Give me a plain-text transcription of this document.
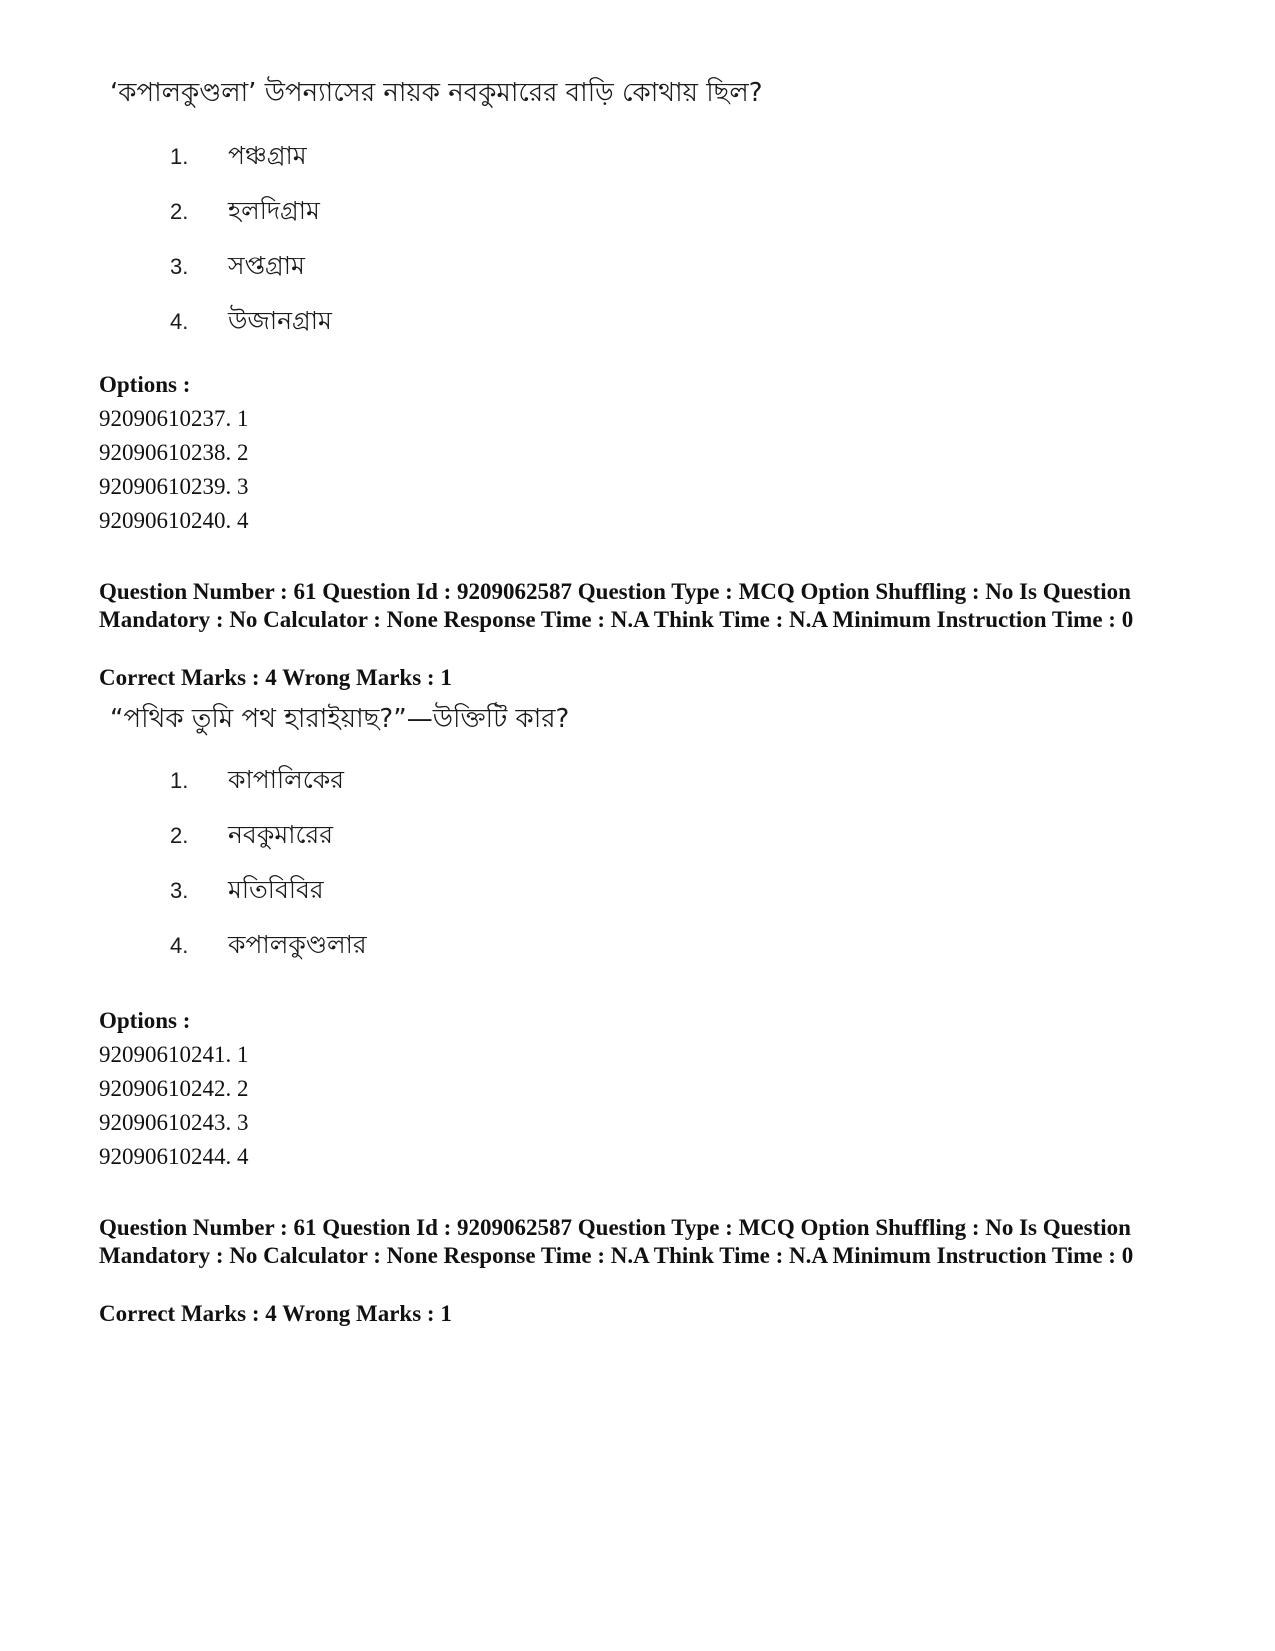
‘কপালকুণ্ডলা’ উপন্যাসের নায়ক নবকুমারের বাড়ি কোথায় ছিল?
1.	পঞ্চগ্রাম
2.	হলদিগ্রাম
3.	সপ্তগ্রাম
4.	উজানগ্রাম
Options :
92090610237. 1
92090610238. 2
92090610239. 3
92090610240. 4
Question Number : 61 Question Id : 9209062587 Question Type : MCQ Option Shuffling : No Is Question Mandatory : No Calculator : None Response Time : N.A Think Time : N.A Minimum Instruction Time : 0
Correct Marks : 4 Wrong Marks : 1
“পথিক তুমি পথ হারাইয়াছ?”—উক্তিটি কার?
1.	কাপালিকের
2.	নবকুমারের
3.	মতিবিবির
4.	কপালকুণ্ডলার
Options :
92090610241. 1
92090610242. 2
92090610243. 3
92090610244. 4
Question Number : 61 Question Id : 9209062587 Question Type : MCQ Option Shuffling : No Is Question Mandatory : No Calculator : None Response Time : N.A Think Time : N.A Minimum Instruction Time : 0
Correct Marks : 4 Wrong Marks : 1
